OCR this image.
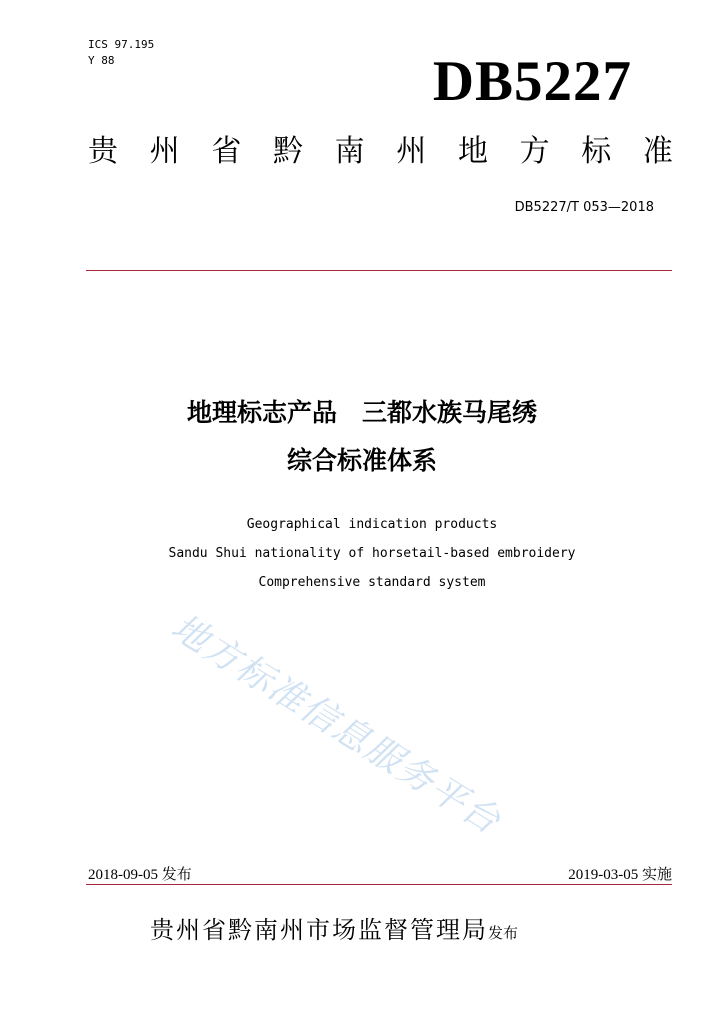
ICS 97.195
Y 88	DB5227
贵 州 省 黔 南 州 地 方 标 准
DB5227/T 053—2018
地理标志产品　三都水族马尾绣
综合标准体系
Geographical indication products
Sandu Shui nationality of horsetail-based embroidery
Comprehensive standard system
地方标准信息服务平台
2018-09-05 发布	2019-03-05 实施
贵州省黔南州市场监督管理局发布
